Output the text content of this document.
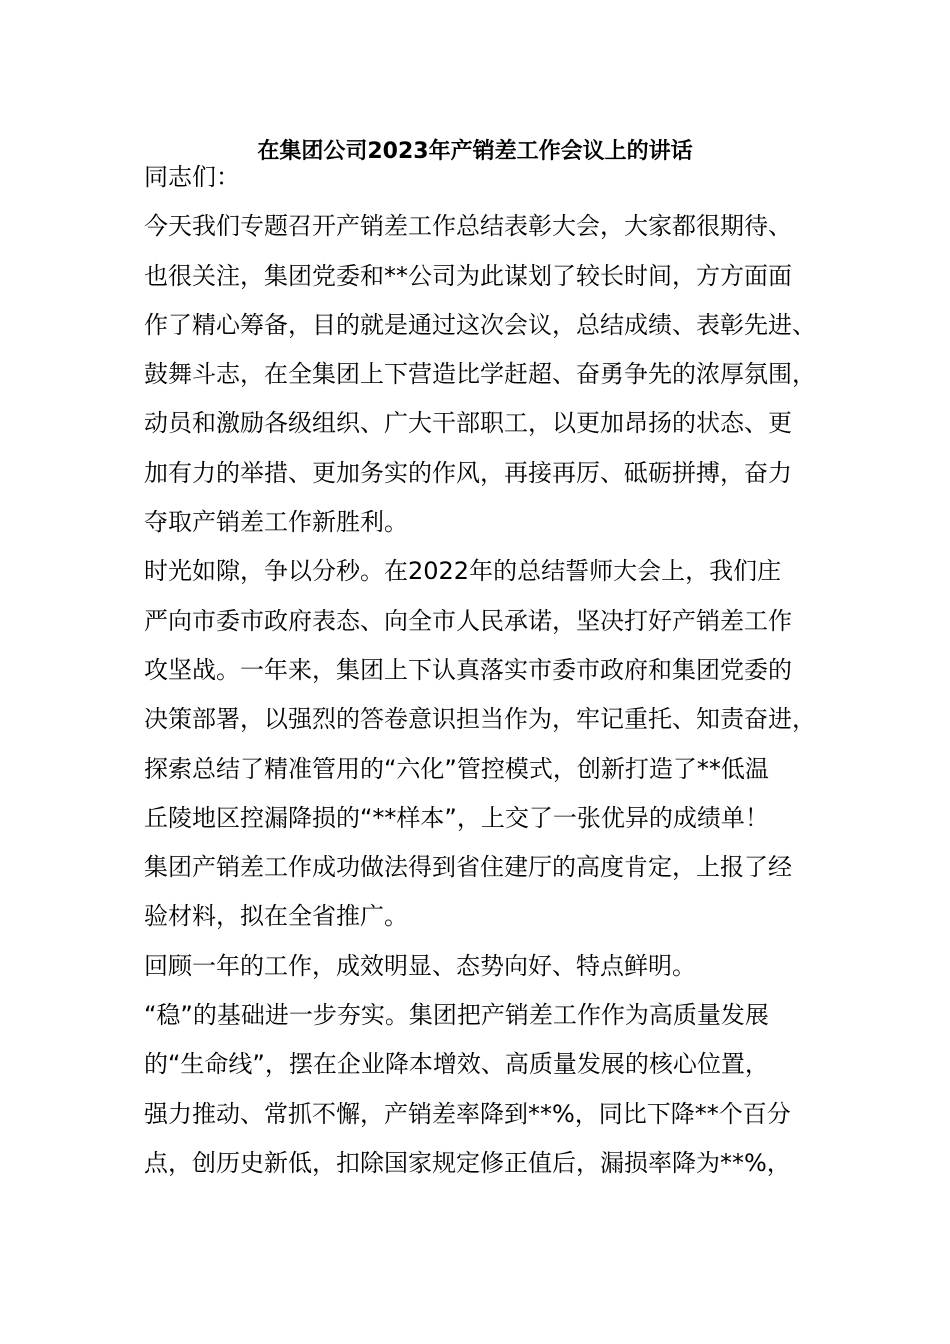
在集团公司2023年产销差工作会议上的讲话
同志们：
今天我们专题召开产销差工作总结表彰大会，大家都很期待、
也很关注，集团党委和**公司为此谋划了较长时间，方方面面
作了精心筹备，目的就是通过这次会议，总结成绩、表彰先进、
鼓舞斗志，在全集团上下营造比学赶超、奋勇争先的浓厚氛围，
动员和激励各级组织、广大干部职工，以更加昂扬的状态、更
加有力的举措、更加务实的作风，再接再厉、砥砺拼搏，奋力
夺取产销差工作新胜利。
时光如隙，争以分秒。在2022年的总结誓师大会上，我们庄
严向市委市政府表态、向全市人民承诺，坚决打好产销差工作
攻坚战。一年来，集团上下认真落实市委市政府和集团党委的
决策部署，以强烈的答卷意识担当作为，牢记重托、知责奋进，
探索总结了精准管用的“六化”管控模式，创新打造了**低温
丘陵地区控漏降损的“**样本”，上交了一张优异的成绩单！
集团产销差工作成功做法得到省住建厅的高度肯定，上报了经
验材料，拟在全省推广。
回顾一年的工作，成效明显、态势向好、特点鲜明。
“稳”的基础进一步夯实。集团把产销差工作作为高质量发展
的“生命线”，摆在企业降本增效、高质量发展的核心位置，
强力推动、常抓不懈，产销差率降到**%，同比下降**个百分
点，创历史新低，扣除国家规定修正值后，漏损率降为**%，
